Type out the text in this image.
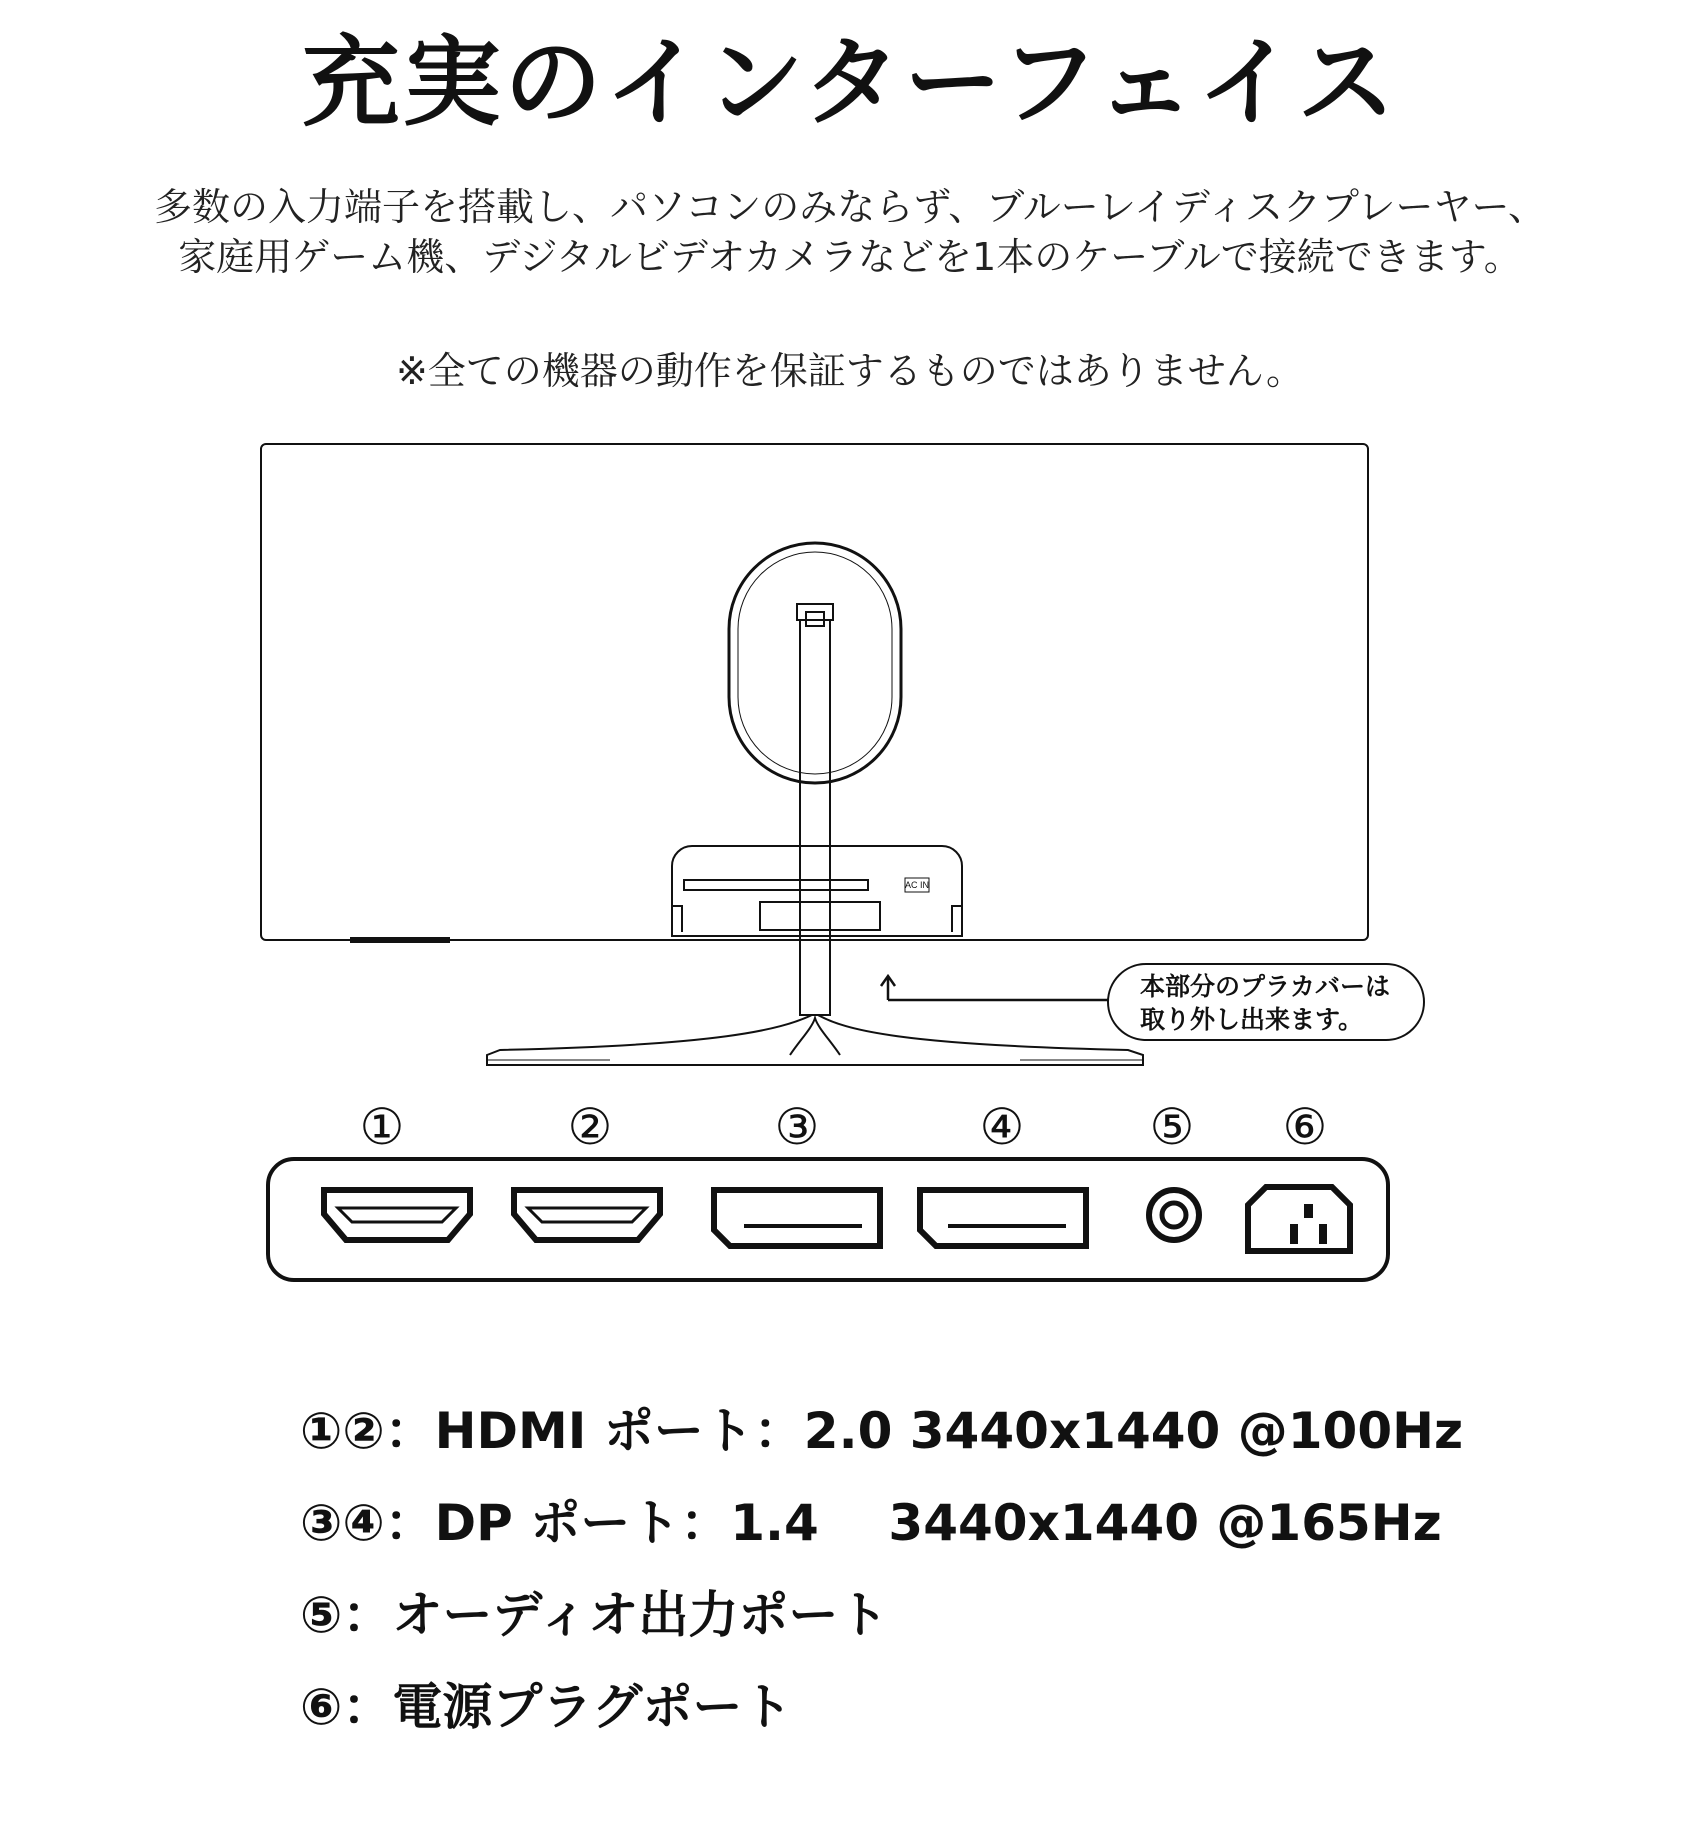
充実のインターフェイス
多数の入力端子を搭載し、パソコンのみならず、ブルーレイディスクプレーヤー、
家庭用ゲーム機、デジタルビデオカメラなどを1本のケーブルで接続できます。
※全ての機器の動作を保証するものではありません。
AC IN
本部分のプラカバーは
取り外し出来ます。
①	②	③	④	⑤ ⑥
①②：HDMI ポート：2.0 3440x1440 @100Hz
③④：DP ポート：1.4    3440x1440 @165Hz
⑤：オーディオ出力ポート
⑥：電源プラグポート
